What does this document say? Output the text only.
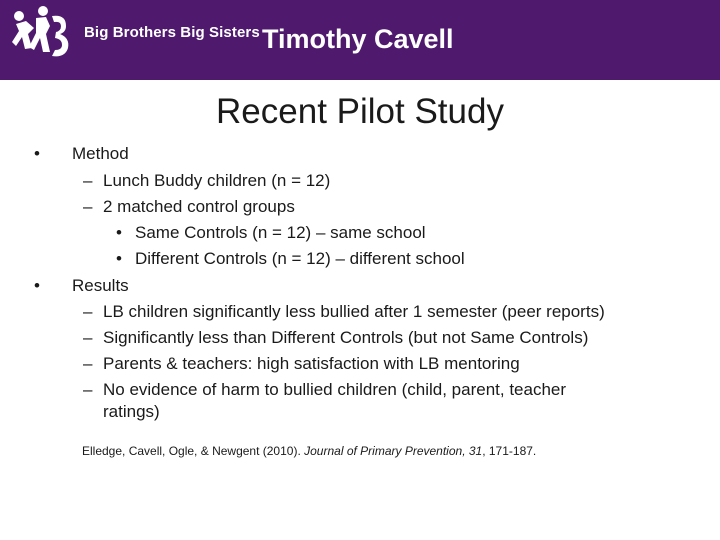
Big Brothers Big Sisters Timothy Cavell
Recent Pilot Study
• Method
– Lunch Buddy children (n = 12)
– 2 matched control groups
• Same Controls (n = 12) – same school
• Different Controls (n = 12) – different school
• Results
– LB children significantly less bullied after 1 semester (peer reports)
– Significantly less than Different Controls (but not Same Controls)
– Parents & teachers: high satisfaction with LB mentoring
– No evidence of harm to bullied children (child, parent, teacher
ratings)
Elledge, Cavell, Ogle, & Newgent (2010). Journal of Primary Prevention, 31, 171-187.
